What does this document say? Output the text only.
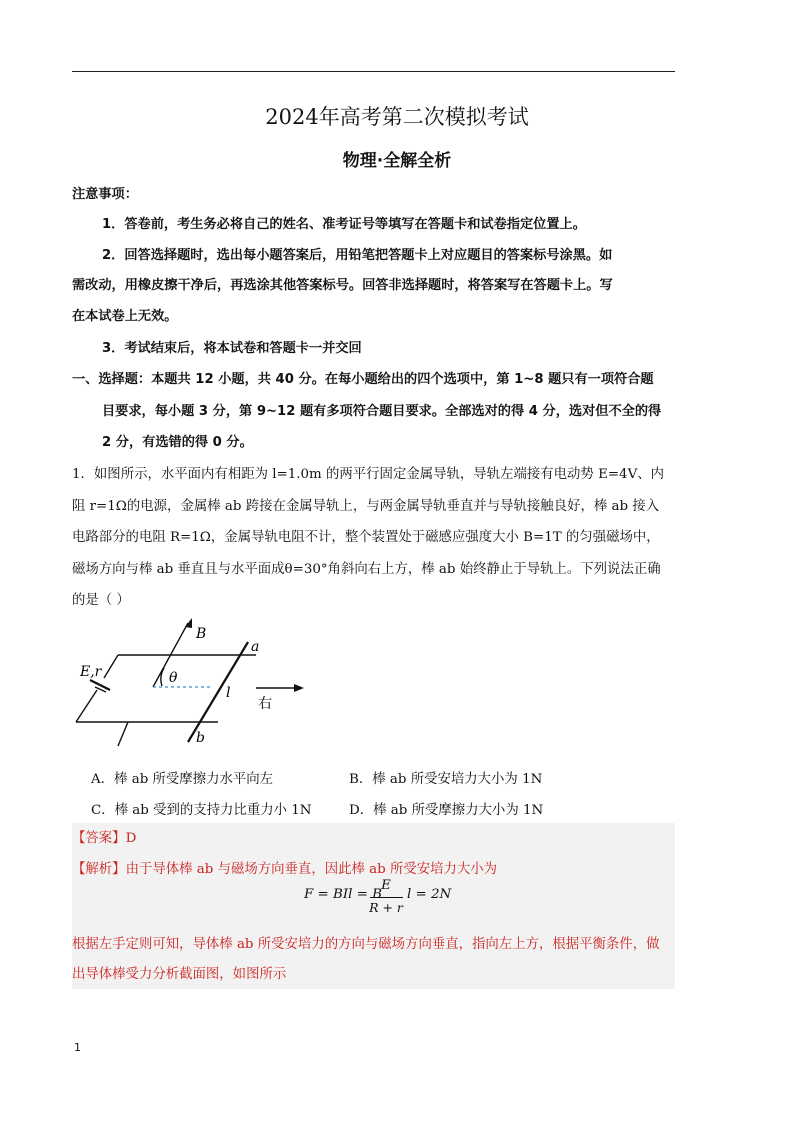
2024年高考第二次模拟考试
物理·全解全析
注意事项：
1．答卷前，考生务必将自己的姓名、准考证号等填写在答题卡和试卷指定位置上。
2．回答选择题时，选出每小题答案后，用铅笔把答题卡上对应题目的答案标号涂黑。如
需改动，用橡皮擦干净后，再选涂其他答案标号。回答非选择题时，将答案写在答题卡上。写
在本试卷上无效。
3．考试结束后，将本试卷和答题卡一并交回
一、选择题：本题共 12 小题，共 40 分。在每小题给出的四个选项中，第 1~8 题只有一项符合题
目要求，每小题 3 分，第 9~12 题有多项符合题目要求。全部选对的得 4 分，选对但不全的得
2 分，有选错的得 0 分。
1．如图所示，水平面内有相距为 l=1.0m 的两平行固定金属导轨，导轨左端接有电动势 E=4V、内
阻 r=1Ω的电源，金属棒 ab 跨接在金属导轨上，与两金属导轨垂直并与导轨接触良好，棒 ab 接入
电路部分的电阻 R=1Ω，金属导轨电阻不计，整个装置处于磁感应强度大小 B=1T 的匀强磁场中，
磁场方向与棒 ab 垂直且与水平面成θ=30°角斜向右上方，棒 ab 始终静止于导轨上。下列说法正确
的是（ ）
B
a
b
E,r	θ
l
右
A．棒 ab 所受摩擦力水平向左	B．棒 ab 所受安培力大小为 1N
C．棒 ab 受到的支持力比重力小 1N	D．棒 ab 所受摩擦力大小为 1N
【答案】D
【解析】由于导体棒 ab 与磁场方向垂直，因此棒 ab 所受安培力大小为
F = BIl = B
E
R + r
l = 2N
根据左手定则可知，导体棒 ab 所受安培力的方向与磁场方向垂直，指向左上方，根据平衡条件，做
出导体棒受力分析截面图，如图所示
1
